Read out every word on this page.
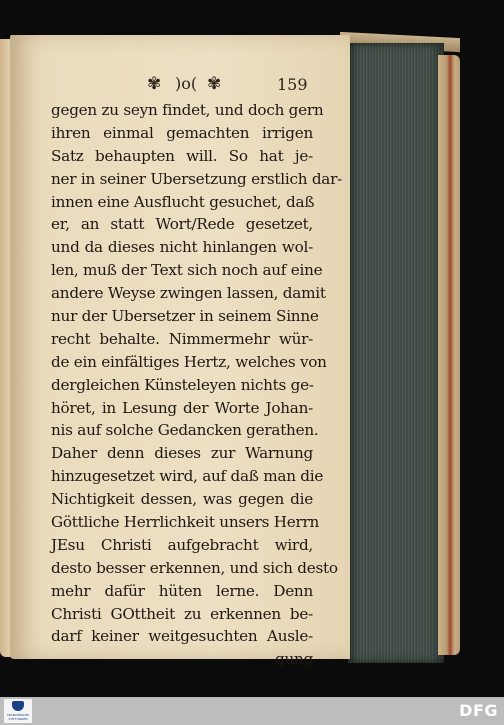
✾ )o( ✾	159
gegen zu seyn findet, und doch gern
ihren einmal gemachten irrigen
Satz behaupten will. So hat je-
ner in seiner Ubersetzung erstlich dar-
innen eine Ausflucht gesuchet, daß
er, an statt Wort/Rede gesetzet,
und da dieses nicht hinlangen wol-
len, muß der Text sich noch auf eine
andere Weyse zwingen lassen, damit
nur der Ubersetzer in seinem Sinne
recht behalte. Nimmermehr wür-
de ein einfältiges Hertz, welches von
dergleichen Künsteleyen nichts ge-
höret, in Lesung der Worte Johan-
nis auf solche Gedancken gerathen.
Daher denn dieses zur Warnung
hinzugesetzet wird, auf daß man die
Nichtigkeit dessen, was gegen die
Göttliche Herrlichkeit unsers Herrn
JEsu Christi aufgebracht wird,
desto besser erkennen, und sich desto
mehr dafür hüten lerne. Denn
Christi GOttheit zu erkennen be-
darf keiner weitgesuchten Ausle-
gung
FRANCKESCHE STIFTUNGEN	DFG
